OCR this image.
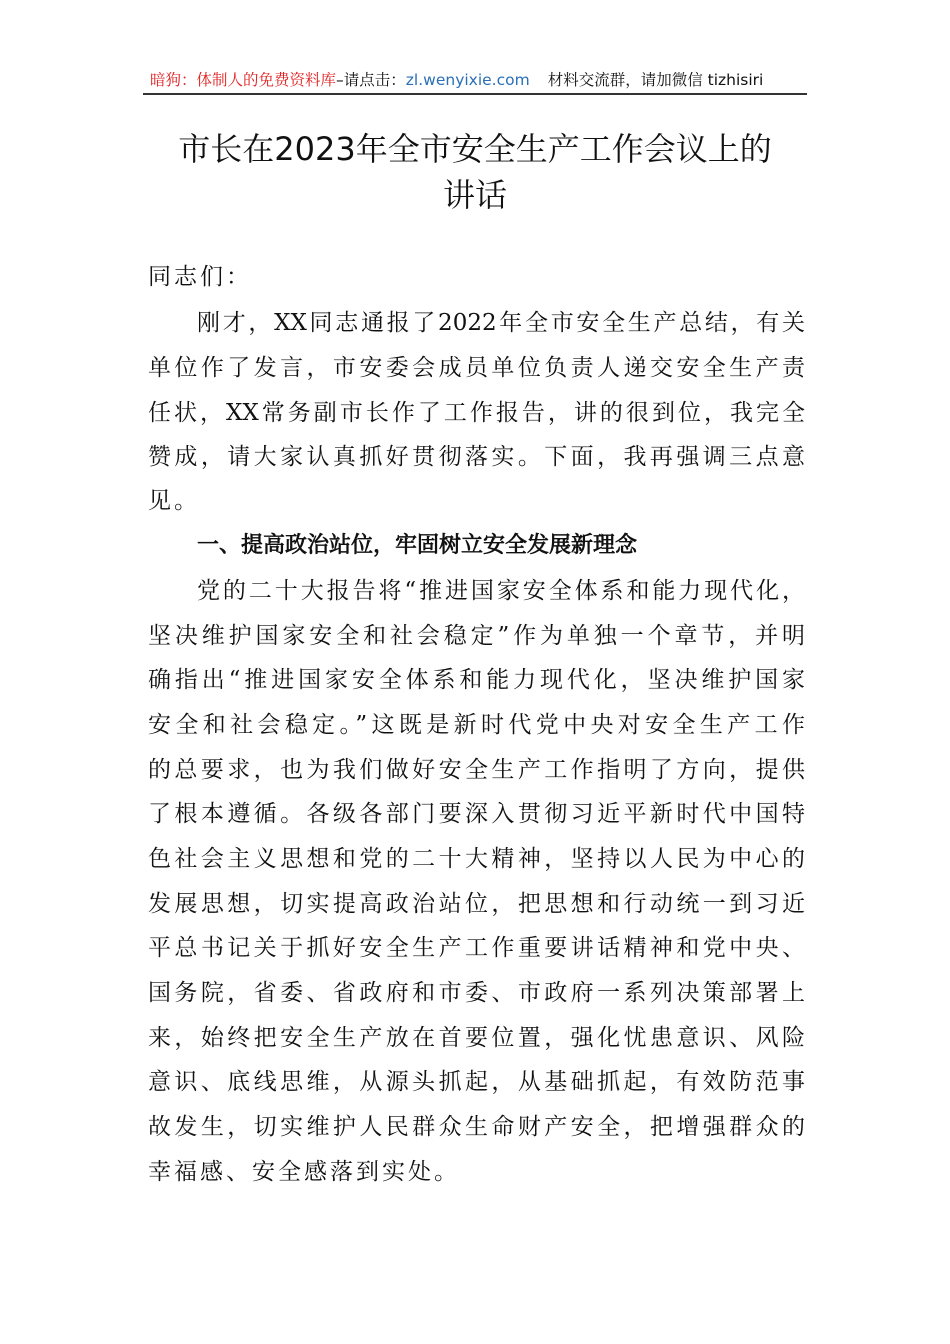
暗狗：体制人的免费资料库–请点击：zl.wenyixie.com 材料交流群，请加微信 tizhisiri
市长在2023年全市安全生产工作会议上的
讲话
同志们：
刚才，XX同志通报了2022年全市安全生产总结，有关
单位作了发言，市安委会成员单位负责人递交安全生产责
任状，XX常务副市长作了工作报告，讲的很到位，我完全
赞成，请大家认真抓好贯彻落实。下面，我再强调三点意
见。
一、提高政治站位，牢固树立安全发展新理念
党的二十大报告将“推进国家安全体系和能力现代化，
坚决维护国家安全和社会稳定”作为单独一个章节，并明
确指出“推进国家安全体系和能力现代化，坚决维护国家
安全和社会稳定。”这既是新时代党中央对安全生产工作
的总要求，也为我们做好安全生产工作指明了方向，提供
了根本遵循。各级各部门要深入贯彻习近平新时代中国特
色社会主义思想和党的二十大精神，坚持以人民为中心的
发展思想，切实提高政治站位，把思想和行动统一到习近
平总书记关于抓好安全生产工作重要讲话精神和党中央、
国务院，省委、省政府和市委、市政府一系列决策部署上
来，始终把安全生产放在首要位置，强化忧患意识、风险
意识、底线思维，从源头抓起，从基础抓起，有效防范事
故发生，切实维护人民群众生命财产安全，把增强群众的
幸福感、安全感落到实处。
